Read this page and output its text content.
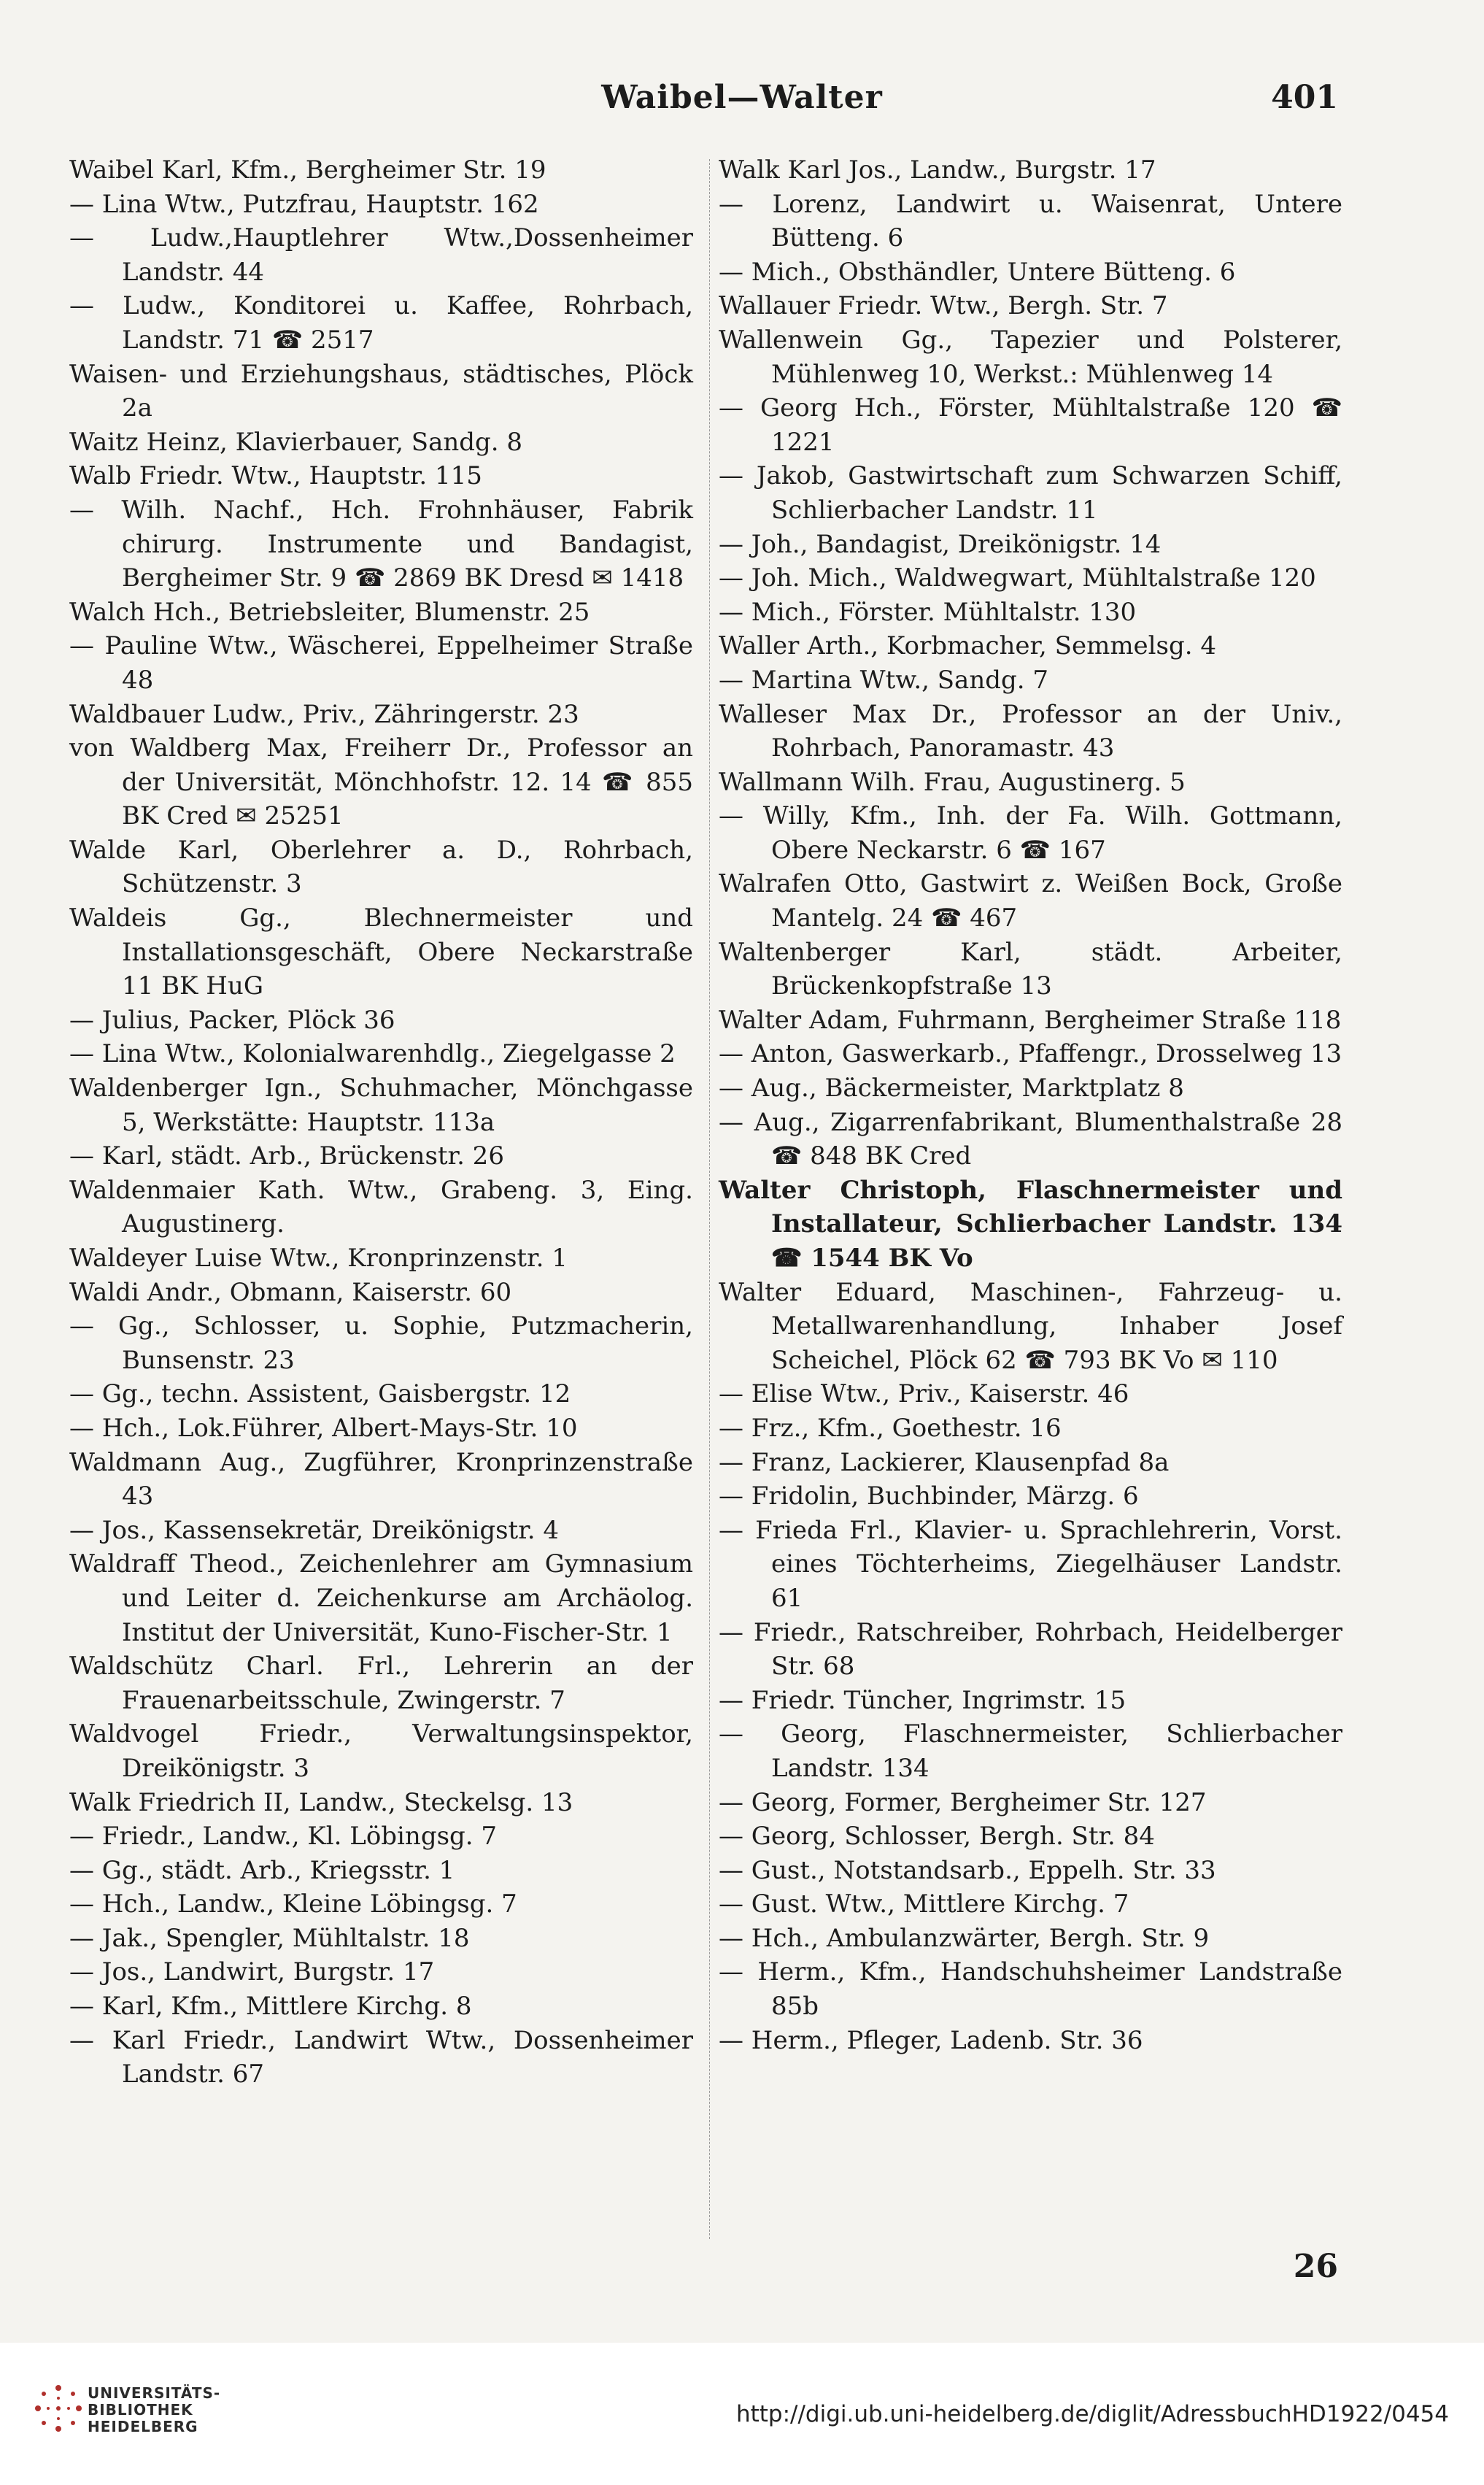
Waibel—Walter	401

Waibel Karl, Kfm., Bergheimer Str. 19

— Lina Wtw., Putzfrau, Hauptstr. 162

— Ludw.,Hauptlehrer Wtw.,Dossenheimer Landstr. 44

— Ludw., Konditorei u. Kaffee, Rohrbach, Landstr. 71 ☎ 2517

Waisen- und Erziehungshaus, städtisches, Plöck 2a

Waitz Heinz, Klavierbauer, Sandg. 8

Walb Friedr. Wtw., Hauptstr. 115

— Wilh. Nachf., Hch. Frohnhäuser, Fabrik chirurg. Instrumente und Bandagist, Bergheimer Str. 9 ☎ 2869 BK Dresd ✉ 1418

Walch Hch., Betriebsleiter, Blumenstr. 25

— Pauline Wtw., Wäscherei, Eppelheimer Straße 48

Waldbauer Ludw., Priv., Zähringerstr. 23

von Waldberg Max, Freiherr Dr., Professor an der Universität, Mönchhofstr. 12. 14 ☎ 855 BK Cred ✉ 25251

Walde Karl, Oberlehrer a. D., Rohrbach, Schützenstr. 3

Waldeis Gg., Blechnermeister und Installationsgeschäft, Obere Neckarstraße 11 BK HuG

— Julius, Packer, Plöck 36

— Lina Wtw., Kolonialwarenhdlg., Ziegelgasse 2

Waldenberger Ign., Schuhmacher, Mönchgasse 5, Werkstätte: Hauptstr. 113a

— Karl, städt. Arb., Brückenstr. 26

Waldenmaier Kath. Wtw., Grabeng. 3, Eing. Augustinerg.

Waldeyer Luise Wtw., Kronprinzenstr. 1

Waldi Andr., Obmann, Kaiserstr. 60

— Gg., Schlosser, u. Sophie, Putzmacherin, Bunsenstr. 23

— Gg., techn. Assistent, Gaisbergstr. 12

— Hch., Lok.Führer, Albert-Mays-Str. 10

Waldmann Aug., Zugführer, Kronprinzenstraße 43

— Jos., Kassensekretär, Dreikönigstr. 4

Waldraff Theod., Zeichenlehrer am Gymnasium und Leiter d. Zeichenkurse am Archäolog. Institut der Universität, Kuno-Fischer-Str. 1

Waldschütz Charl. Frl., Lehrerin an der Frauenarbeitsschule, Zwingerstr. 7

Waldvogel Friedr., Verwaltungsinspektor, Dreikönigstr. 3

Walk Friedrich II, Landw., Steckelsg. 13

— Friedr., Landw., Kl. Löbingsg. 7

— Gg., städt. Arb., Kriegsstr. 1

— Hch., Landw., Kleine Löbingsg. 7

— Jak., Spengler, Mühltalstr. 18

— Jos., Landwirt, Burgstr. 17

— Karl, Kfm., Mittlere Kirchg. 8

— Karl Friedr., Landwirt Wtw., Dossenheimer Landstr. 67

Walk Karl Jos., Landw., Burgstr. 17

— Lorenz, Landwirt u. Waisenrat, Untere Bütteng. 6

— Mich., Obsthändler, Untere Bütteng. 6

Wallauer Friedr. Wtw., Bergh. Str. 7

Wallenwein Gg., Tapezier und Polsterer, Mühlenweg 10, Werkst.: Mühlenweg 14

— Georg Hch., Förster, Mühltalstraße 120 ☎ 1221

— Jakob, Gastwirtschaft zum Schwarzen Schiff, Schlierbacher Landstr. 11

— Joh., Bandagist, Dreikönigstr. 14

— Joh. Mich., Waldwegwart, Mühltalstraße 120

— Mich., Förster. Mühltalstr. 130

Waller Arth., Korbmacher, Semmelsg. 4

— Martina Wtw., Sandg. 7

Walleser Max Dr., Professor an der Univ., Rohrbach, Panoramastr. 43

Wallmann Wilh. Frau, Augustinerg. 5

— Willy, Kfm., Inh. der Fa. Wilh. Gottmann, Obere Neckarstr. 6 ☎ 167

Walrafen Otto, Gastwirt z. Weißen Bock, Große Mantelg. 24 ☎ 467

Waltenberger Karl, städt. Arbeiter, Brückenkopfstraße 13

Walter Adam, Fuhrmann, Bergheimer Straße 118

— Anton, Gaswerkarb., Pfaffengr., Drosselweg 13

— Aug., Bäckermeister, Marktplatz 8

— Aug., Zigarrenfabrikant, Blumenthalstraße 28 ☎ 848 BK Cred

Walter Christoph, Flaschnermeister und Installateur, Schlierbacher Landstr. 134 ☎ 1544 BK Vo

Walter Eduard, Maschinen-, Fahrzeug- u. Metallwarenhandlung, Inhaber Josef Scheichel, Plöck 62 ☎ 793 BK Vo ✉ 110

— Elise Wtw., Priv., Kaiserstr. 46

— Frz., Kfm., Goethestr. 16

— Franz, Lackierer, Klausenpfad 8a

— Fridolin, Buchbinder, Märzg. 6

— Frieda Frl., Klavier- u. Sprachlehrerin, Vorst. eines Töchterheims, Ziegelhäuser Landstr. 61

— Friedr., Ratschreiber, Rohrbach, Heidelberger Str. 68

— Friedr. Tüncher, Ingrimstr. 15

— Georg, Flaschnermeister, Schlierbacher Landstr. 134

— Georg, Former, Bergheimer Str. 127

— Georg, Schlosser, Bergh. Str. 84

— Gust., Notstandsarb., Eppelh. Str. 33

— Gust. Wtw., Mittlere Kirchg. 7

— Hch., Ambulanzwärter, Bergh. Str. 9

— Herm., Kfm., Handschuhsheimer Landstraße 85b

— Herm., Pfleger, Ladenb. Str. 36

26
UNIVERSITÄTS-
BIBLIOTHEK
HEIDELBERG	http://digi.ub.uni-heidelberg.de/diglit/AdressbuchHD1922/0454
